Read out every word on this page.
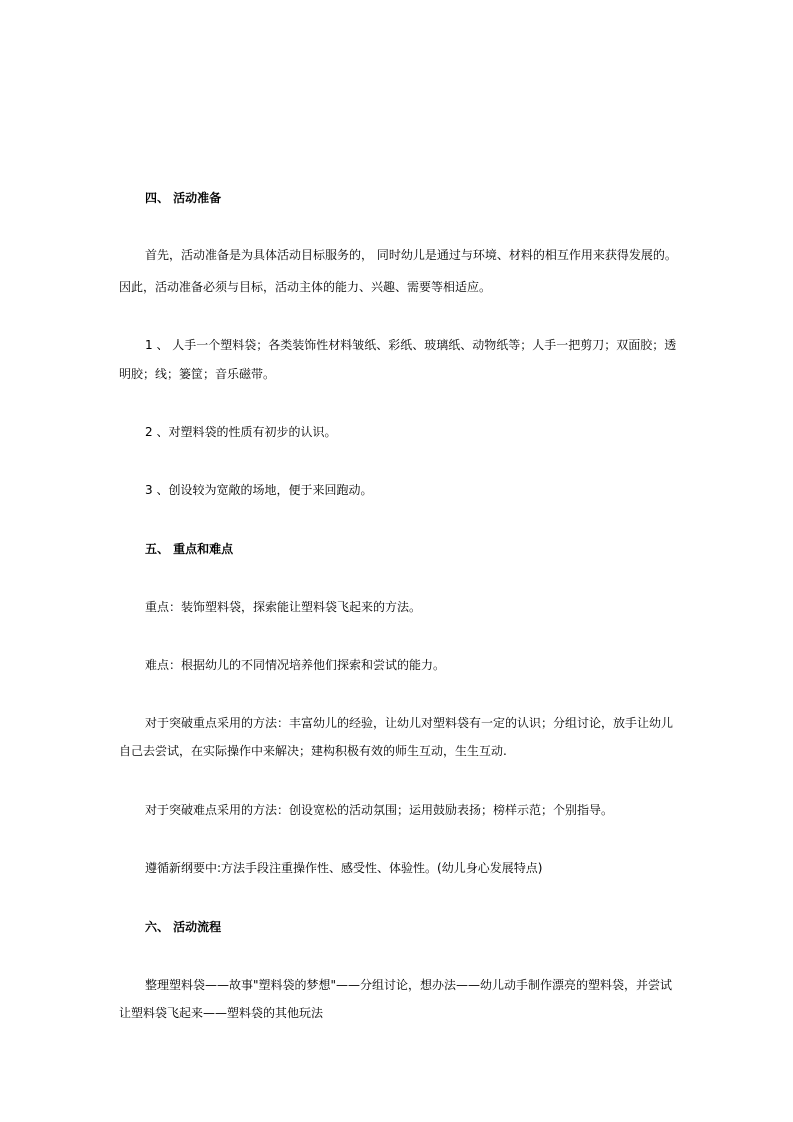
四、 活动准备
首先，活动准备是为具体活动目标服务的， 同时幼儿是通过与环境、材料的相互作用来获得发展的。
因此，活动准备必须与目标，活动主体的能力、兴趣、需要等相适应。
1 、 人手一个塑料袋；各类装饰性材料皱纸、彩纸、玻璃纸、动物纸等；人手一把剪刀；双面胶；透
明胶；线；篓筐；音乐磁带。
2 、对塑料袋的性质有初步的认识。
3 、创设较为宽敞的场地，便于来回跑动。
五、 重点和难点
重点：装饰塑料袋，探索能让塑料袋飞起来的方法。
难点：根据幼儿的不同情况培养他们探索和尝试的能力。
对于突破重点采用的方法：丰富幼儿的经验，让幼儿对塑料袋有一定的认识；分组讨论，放手让幼儿
自己去尝试，在实际操作中来解决；建构积极有效的师生互动，生生互动.
对于突破难点采用的方法：创设宽松的活动氛围；运用鼓励表扬；榜样示范；个别指导。
遵循新纲要中:方法手段注重操作性、感受性、体验性。(幼儿身心发展特点)
六、 活动流程
整理塑料袋——故事"塑料袋的梦想"——分组讨论，想办法——幼儿动手制作漂亮的塑料袋，并尝试
让塑料袋飞起来——塑料袋的其他玩法
